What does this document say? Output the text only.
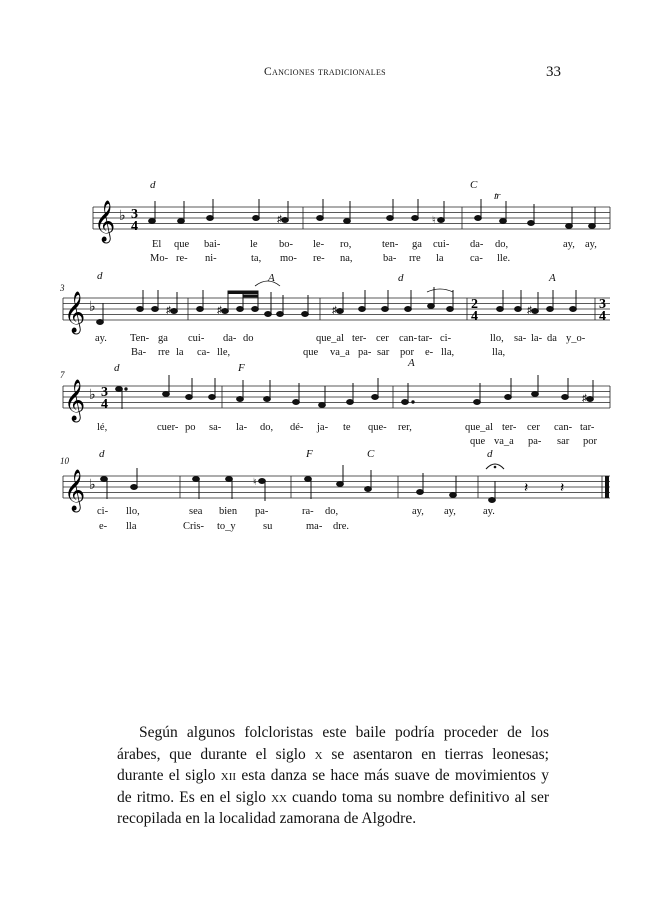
Canciones tradicionales	33
d	C
𝄞 ♭ 3
4	♯	♮
𝆖
El que bai-	le bo- le- ro,	ten- ga cui- da- do,	ay, ay,
Mo- re- ni-	ta, mo- re- na,	ba- rre la	ca- lle.
3
d	A	d	A
𝄞 ♭	♯	♯	♯	♯
2
4
3
4
ay. Ten- ga cui- da- do	que_al ter- cer can- tar- ci-	llo, sa- la- da y_o-
Ba- rre la ca- lle,	que va_a pa- sar por e- lla,	lla,
7
d	F	A
𝄞 ♭ 3
4	♯
lé,	cuer- po sa- la- do, dé- ja- te que- rer,	que_al ter- cer can- tar-
que va_a pa- sar por
10
d	F	C	d
𝄞 ♭	♮	𝄽 𝄽
ci- llo,	sea bien pa-	ra- do,	ay, ay,	ay.
e- lla	Cris- to_y	su	ma- dre.

Según algunos folcloristas este baile podría proceder de los árabes, que durante el siglo x se asentaron en tierras leonesas; durante el siglo xii esta danza se hace más suave de movimientos y de ritmo. Es en el siglo xx cuando toma su nombre definitivo al ser recopilada en la localidad zamorana de Algodre.
